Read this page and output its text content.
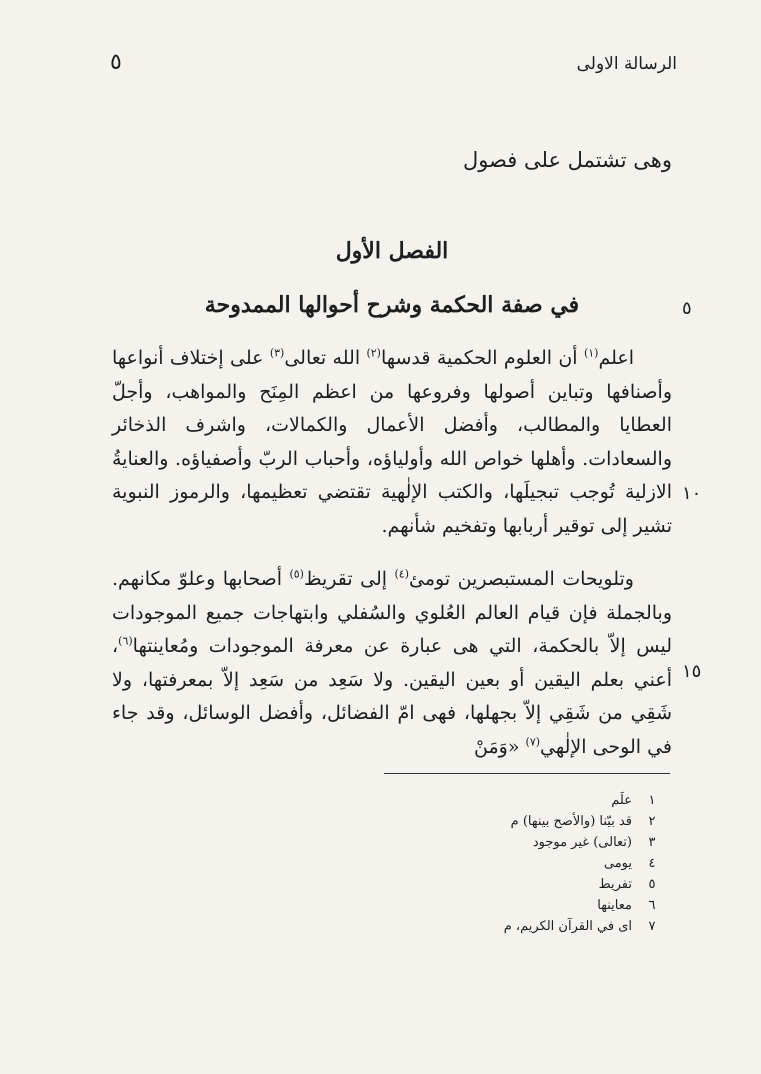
٥	الرسالة الاولى
وهى تشتمل على فصول
الفصل الأول
في صفة الحكمة وشرح أحوالها الممدوحة	٥
١٠
١٥

اعلم$^{(١)}$ أن العلوم الحكمية قدسها$^{(٢)}$ الله تعالى$^{(٣)}$ على إختلاف أنواعها وأصنافها وتباين أصولها وفروعها من اعظم المِنَح والمواهب، وأجلّ العطايا والمطالب، وأفضل الأعمال والكمالات، واشرف الذخائر والسعادات. وأهلها خواص الله وأولياؤه، وأحباب الربّ وأصفياؤه. والعنايةُ الازلية تُوجب تبجيلَها، والكتب الإلٰهية تقتضي تعظيمها، والرموز النبوية تشير إلى توقير أربابها وتفخيم شأنهم.

وتلويحات المستبصرين تومئ$^{(٤)}$ إلى تقريظ$^{(٥)}$ أصحابها وعلوّ مكانهم. وبالجملة فإن قيام العالم العُلوي والسُفلي وابتهاجات جميع الموجودات ليس إلاّ بالحكمة، التي هى عبارة عن معرفة الموجودات ومُعاينتها$^{(٦)}$، أعني بعلم اليقين أو بعين اليقين. ولا سَعِد من سَعِد إلاّ بمعرفتها، ولا شَقِي من شَقِي إلاّ بجهلها، فهى امّ الفضائل، وأفضل الوسائل، وقد جاء في الوحى الإلٰهي$^{(٧)}$ «وَمَنْ

١علَم
٢قد بيّنا (والأصح بينها) م
٣(تعالى) غير موجود
٤يومى
٥تفريط
٦معاينها
٧اى في القرآن الكريم، م
